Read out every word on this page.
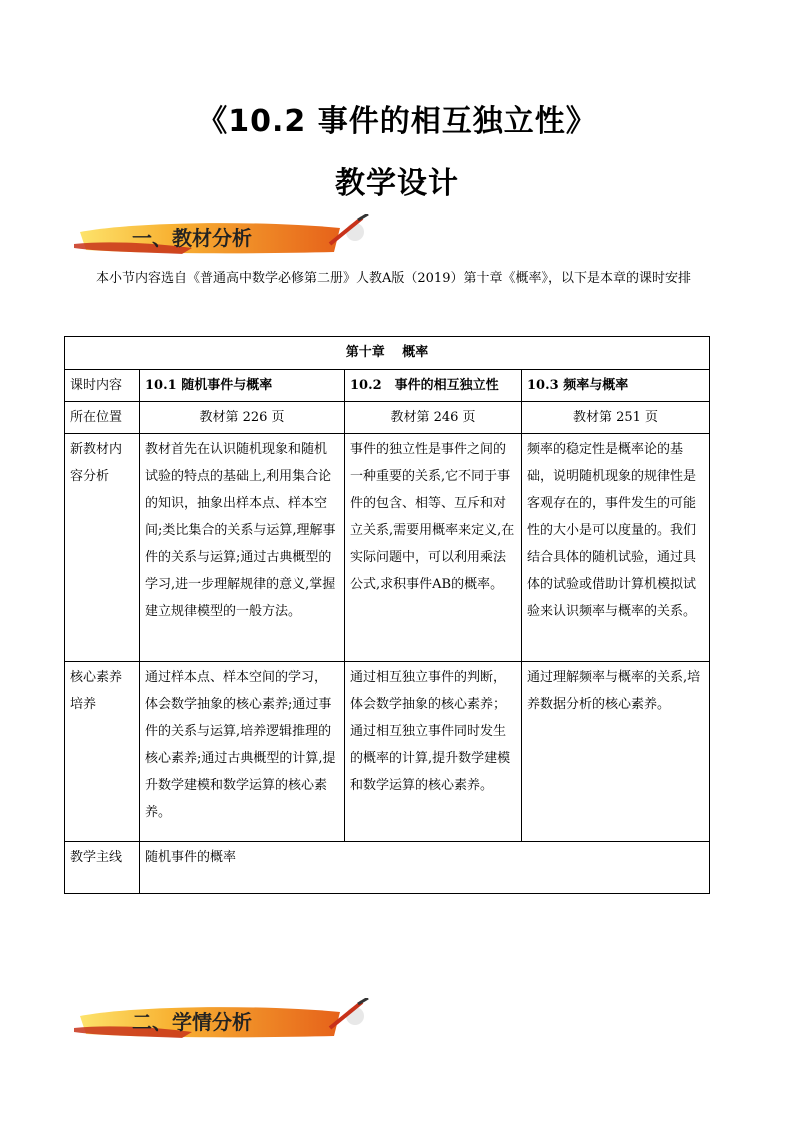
《10.2 事件的相互独立性》
教学设计
一、教材分析
本小节内容选自《普通高中数学必修第二册》人教A版（2019）第十章《概率》，以下是本章的课时安排
第十章　 概率			
课时内容	10.1 随机事件与概率	10.2　事件的相互独立性	10.3 频率与概率
所在位置	教材第 226 页	教材第 246 页	教材第 251 页
新教材内容分析	教材首先在认识随机现象和随机试验的特点的基础上,利用集合论的知识，抽象出样本点、样本空间;类比集合的关系与运算,理解事件的关系与运算;通过古典概型的学习,进一步理解规律的意义,掌握建立规律模型的一般方法。	事件的独立性是事件之间的一种重要的关系,它不同于事件的包含、相等、互斥和对立关系,需要用概率来定义,在实际问题中，可以利用乘法公式,求积事件AB的概率。	频率的稳定性是概率论的基础，说明随机现象的规律性是客观存在的，事件发生的可能性的大小是可以度量的。我们结合具体的随机试验，通过具体的试验或借助计算机模拟试验来认识频率与概率的关系。
核心素养培养	通过样本点、样本空间的学习，体会数学抽象的核心素养;通过事件的关系与运算,培养逻辑推理的核心素养;通过古典概型的计算,提升数学建模和数学运算的核心素养。	通过相互独立事件的判断，体会数学抽象的核心素养；通过相互独立事件同时发生的概率的计算,提升数学建模和数学运算的核心素养。	通过理解频率与概率的关系,培养数据分析的核心素养。
教学主线	随机事件的概率		
二、学情分析
